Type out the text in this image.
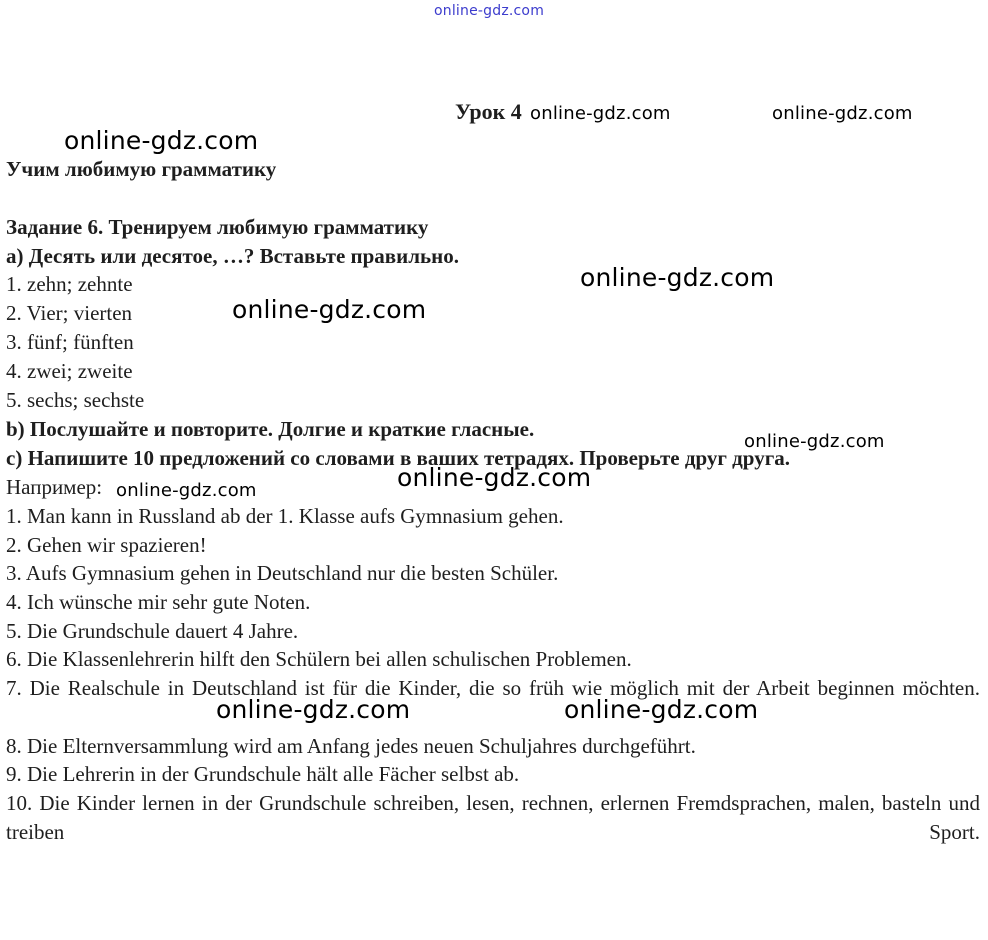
online-gdz.com
Урок 4
Учим любимую грамматику
Задание 6. Тренируем любимую грамматику
a) Десять или десятое, …? Вставьте правильно.
1. zehn; zehnte
2. Vier; vierten
3. fünf; fünften
4. zwei; zweite
5. sechs; sechste
b) Послушайте и повторите. Долгие и краткие гласные.
c) Напишите 10 предложений со словами в ваших тетрадях. Проверьте друг друга.
Например:
1. Man kann in Russland ab der 1. Klasse aufs Gymnasium gehen.
2. Gehen wir spazieren!
3. Aufs Gymnasium gehen in Deutschland nur die besten Schüler.
4. Ich wünsche mir sehr gute Noten.
5. Die Grundschule dauert 4 Jahre.
6. Die Klassenlehrerin hilft den Schülern bei allen schulischen Problemen.
7. Die Realschule in Deutschland ist für die Kinder, die so früh wie möglich mit der Arbeit beginnen möchten.
8. Die Elternversammlung wird am Anfang jedes neuen Schuljahres durchgeführt.
9. Die Lehrerin in der Grundschule hält alle Fächer selbst ab.
10. Die Kinder lernen in der Grundschule schreiben, lesen, rechnen, erlernen Fremdsprachen, malen, basteln und treiben Sport.
online-gdz.com
online-gdz.com	online-gdz.com
online-gdz.com
online-gdz.com
online-gdz.com
online-gdz.com
online-gdz.com
online-gdz.com	online-gdz.com
